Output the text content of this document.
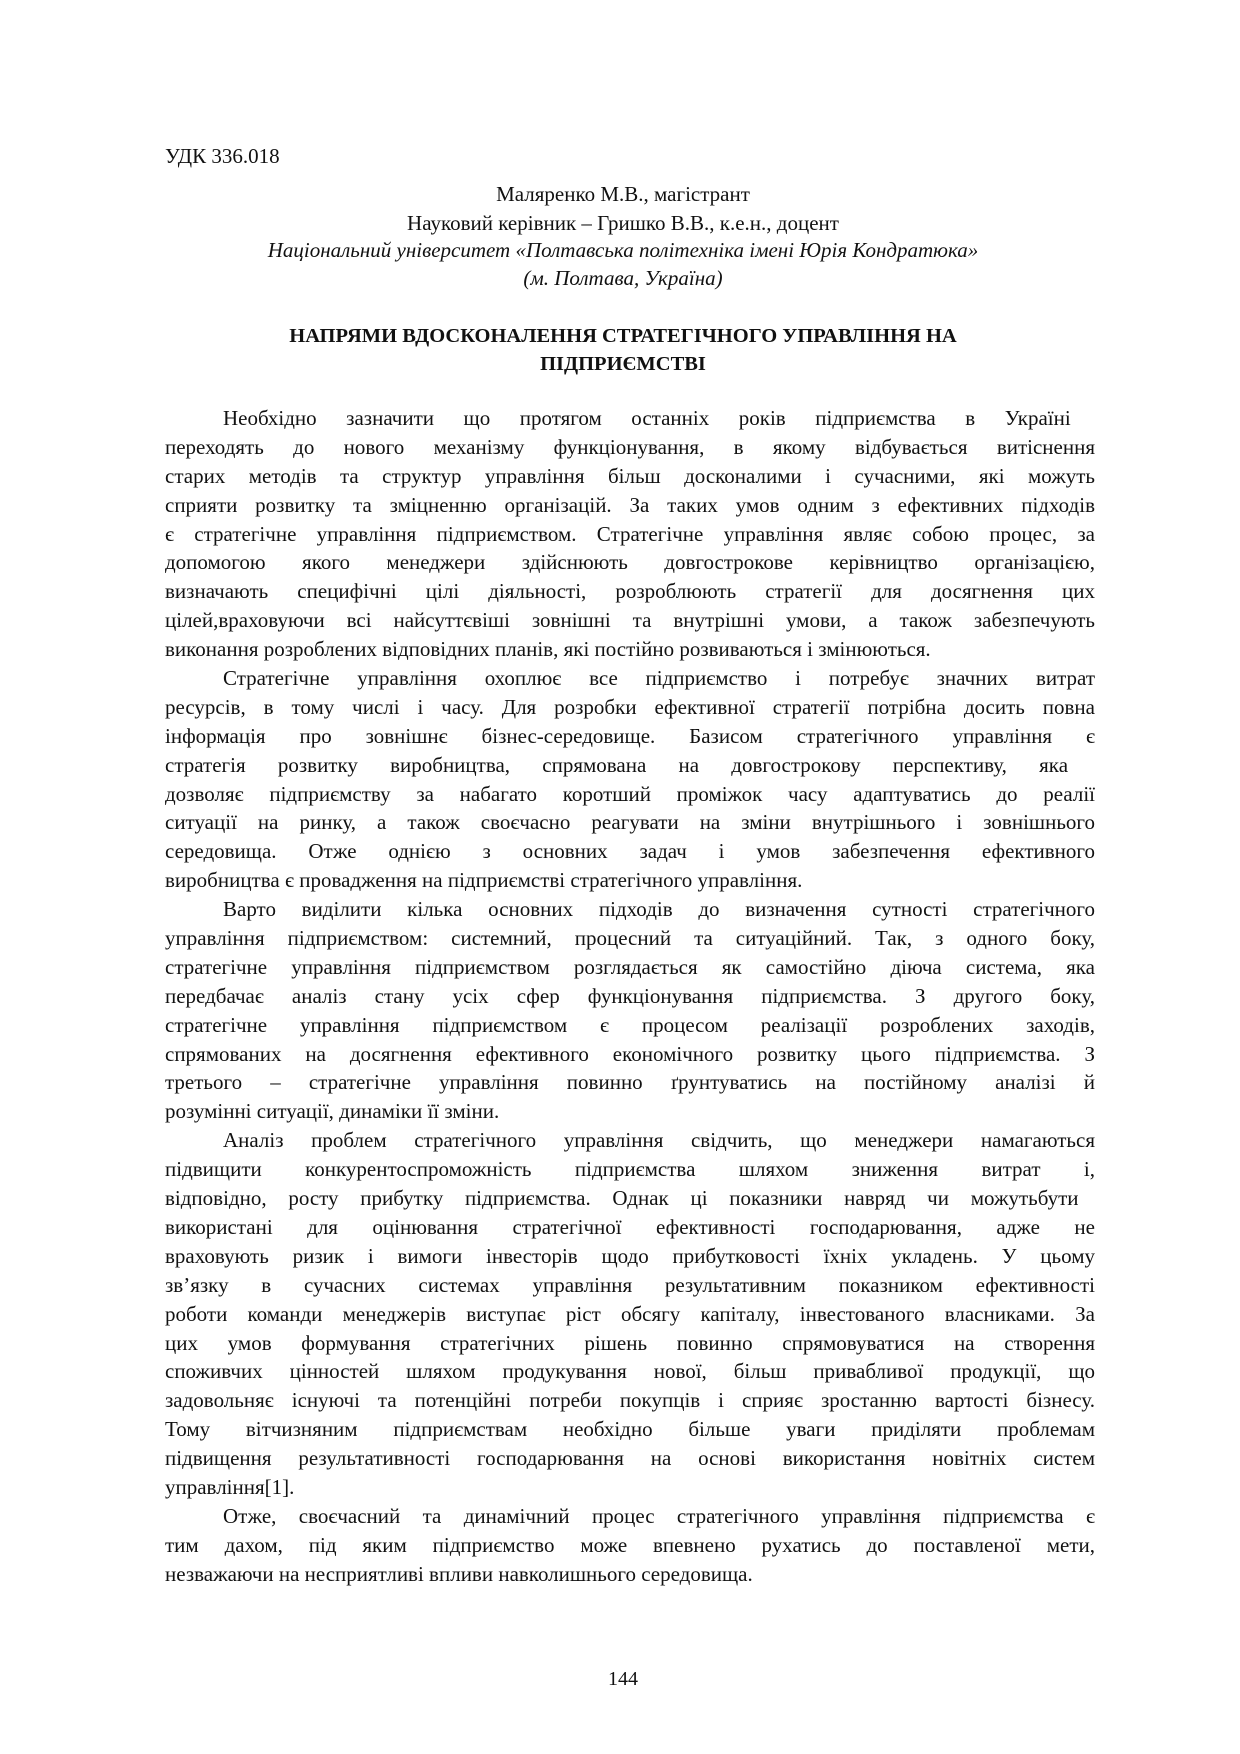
УДК 336.018
Маляренко М.В., магістрант
Науковий керівник – Гришко В.В., к.е.н., доцент
Національний університет «Полтавська політехніка імені Юрія Кондратюка»
(м. Полтава, Україна)
НАПРЯМИ ВДОСКОНАЛЕННЯ СТРАТЕГІЧНОГО УПРАВЛІННЯ НА
ПІДПРИЄМСТВІ
Необхідно зазначити що протягом останніх років підприємства в Україні
переходять до нового механізму функціонування, в якому відбувається витіснення
старих методів та структур управління більш досконалими і сучасними, які можуть
сприяти розвитку та зміцненню організацій. За таких умов одним з ефективних підходів
є стратегічне управління підприємством. Стратегічне управління являє собою процес, за
допомогою якого менеджери здійснюють довгострокове керівництво організацією,
визначають специфічні цілі діяльності, розроблюють стратегії для досягнення цих
цілей,враховуючи всі найсуттєвіші зовнішні та внутрішні умови, а також забезпечують
виконання розроблених відповідних планів, які постійно розвиваються і змінюються.
Стратегічне управління охоплює все підприємство і потребує значних витрат
ресурсів, в тому числі і часу. Для розробки ефективної стратегії потрібна досить повна
інформація про зовнішнє бізнес-середовище. Базисом стратегічного управління є
стратегія розвитку виробництва, спрямована на довгострокову перспективу, яка
дозволяє підприємству за набагато коротший проміжок часу адаптуватись до реалії
ситуації на ринку, а також своєчасно реагувати на зміни внутрішнього і зовнішнього
середовища. Отже однією з основних задач і умов забезпечення ефективного
виробництва є провадження на підприємстві стратегічного управління.
Варто виділити кілька основних підходів до визначення сутності стратегічного
управління підприємством: системний, процесний та ситуаційний. Так, з одного боку,
стратегічне управління підприємством розглядається як самостійно діюча система, яка
передбачає аналіз стану усіх сфер функціонування підприємства. З другого боку,
стратегічне управління підприємством є процесом реалізації розроблених заходів,
спрямованих на досягнення ефективного економічного розвитку цього підприємства. З
третього – стратегічне управління повинно ґрунтуватись на постійному аналізі й
розумінні ситуації, динаміки її зміни.
Аналіз проблем стратегічного управління свідчить, що менеджери намагаються
підвищити конкурентоспроможність підприємства шляхом зниження витрат і,
відповідно, росту прибутку підприємства. Однак ці показники навряд чи можутьбути
використані для оцінювання стратегічної ефективності господарювання, адже не
враховують ризик і вимоги інвесторів щодо прибутковості їхніх укладень. У цьому
зв’язку в сучасних системах управління результативним показником ефективності
роботи команди менеджерів виступає ріст обсягу капіталу, інвестованого власниками. За
цих умов формування стратегічних рішень повинно спрямовуватися на створення
споживчих цінностей шляхом продукування нової, більш привабливої продукції, що
задовольняє існуючі та потенційні потреби покупців і сприяє зростанню вартості бізнесу.
Тому вітчизняним підприємствам необхідно більше уваги приділяти проблемам
підвищення результативності господарювання на основі використання новітніх систем
управління[1].
Отже, своєчасний та динамічний процес стратегічного управління підприємства є
тим дахом, під яким підприємство може впевнено рухатись до поставленої мети,
незважаючи на несприятливі впливи навколишнього середовища.
144
